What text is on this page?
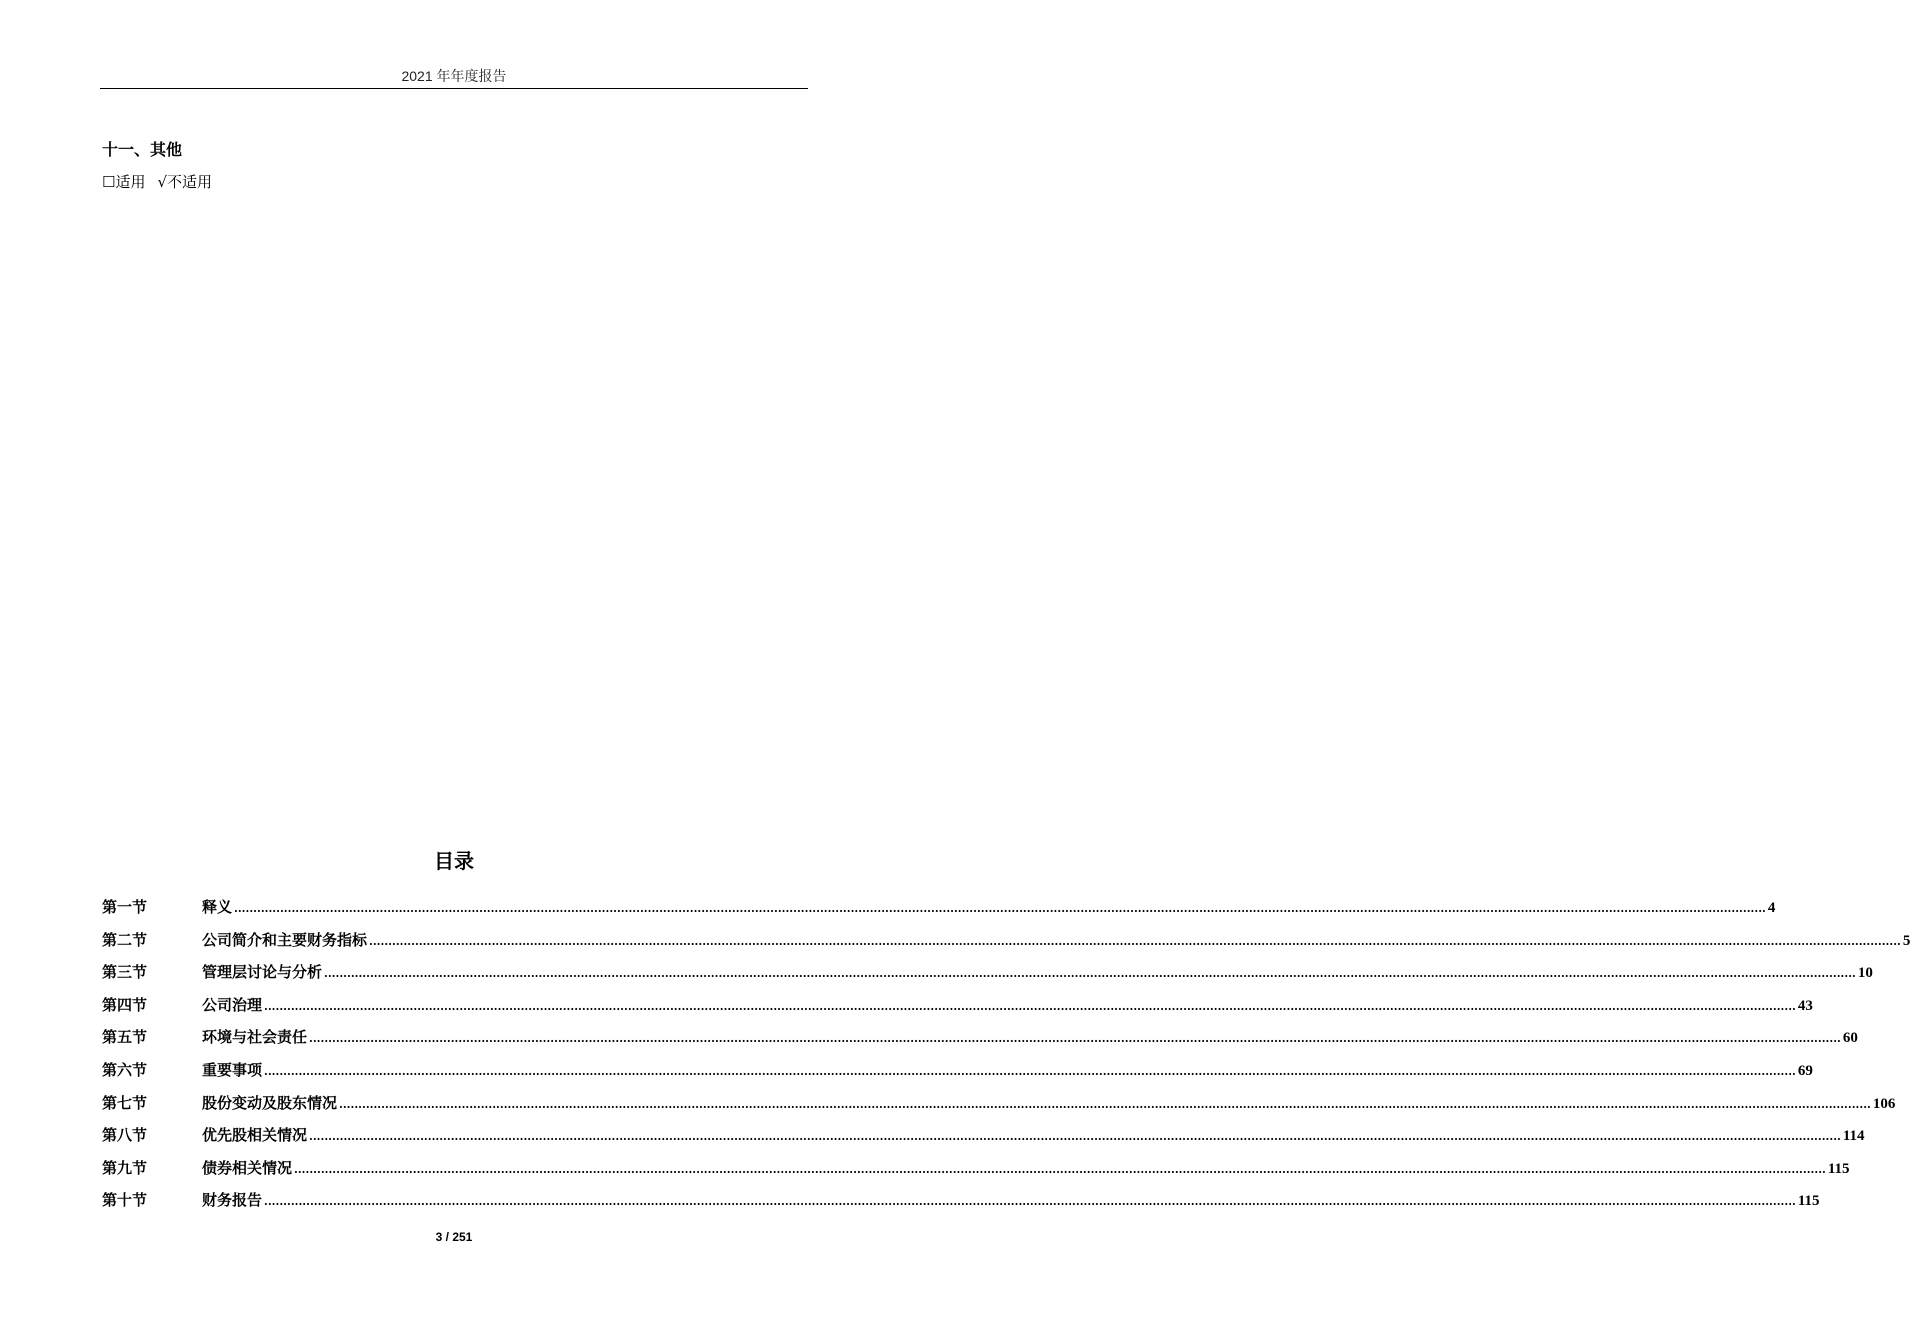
2021 年年度报告
十一、其他
☐适用 √不适用
目录
第一节	释义 ................................................................................................................................................................................................................................................................................................................................................................................................................ 4
第二节	公司简介和主要财务指标 ................................................................................................................................................................................................................................................................................................................................................................................................................ 5
第三节	管理层讨论与分析 ................................................................................................................................................................................................................................................................................................................................................................................................................ 10
第四节	公司治理 ................................................................................................................................................................................................................................................................................................................................................................................................................ 43
第五节	环境与社会责任 ................................................................................................................................................................................................................................................................................................................................................................................................................ 60
第六节	重要事项 ................................................................................................................................................................................................................................................................................................................................................................................................................ 69
第七节	股份变动及股东情况 ................................................................................................................................................................................................................................................................................................................................................................................................................ 106
第八节	优先股相关情况 ................................................................................................................................................................................................................................................................................................................................................................................................................ 114
第九节	债券相关情况 ................................................................................................................................................................................................................................................................................................................................................................................................................ 115
第十节	财务报告 ................................................................................................................................................................................................................................................................................................................................................................................................................ 115
3 / 251
